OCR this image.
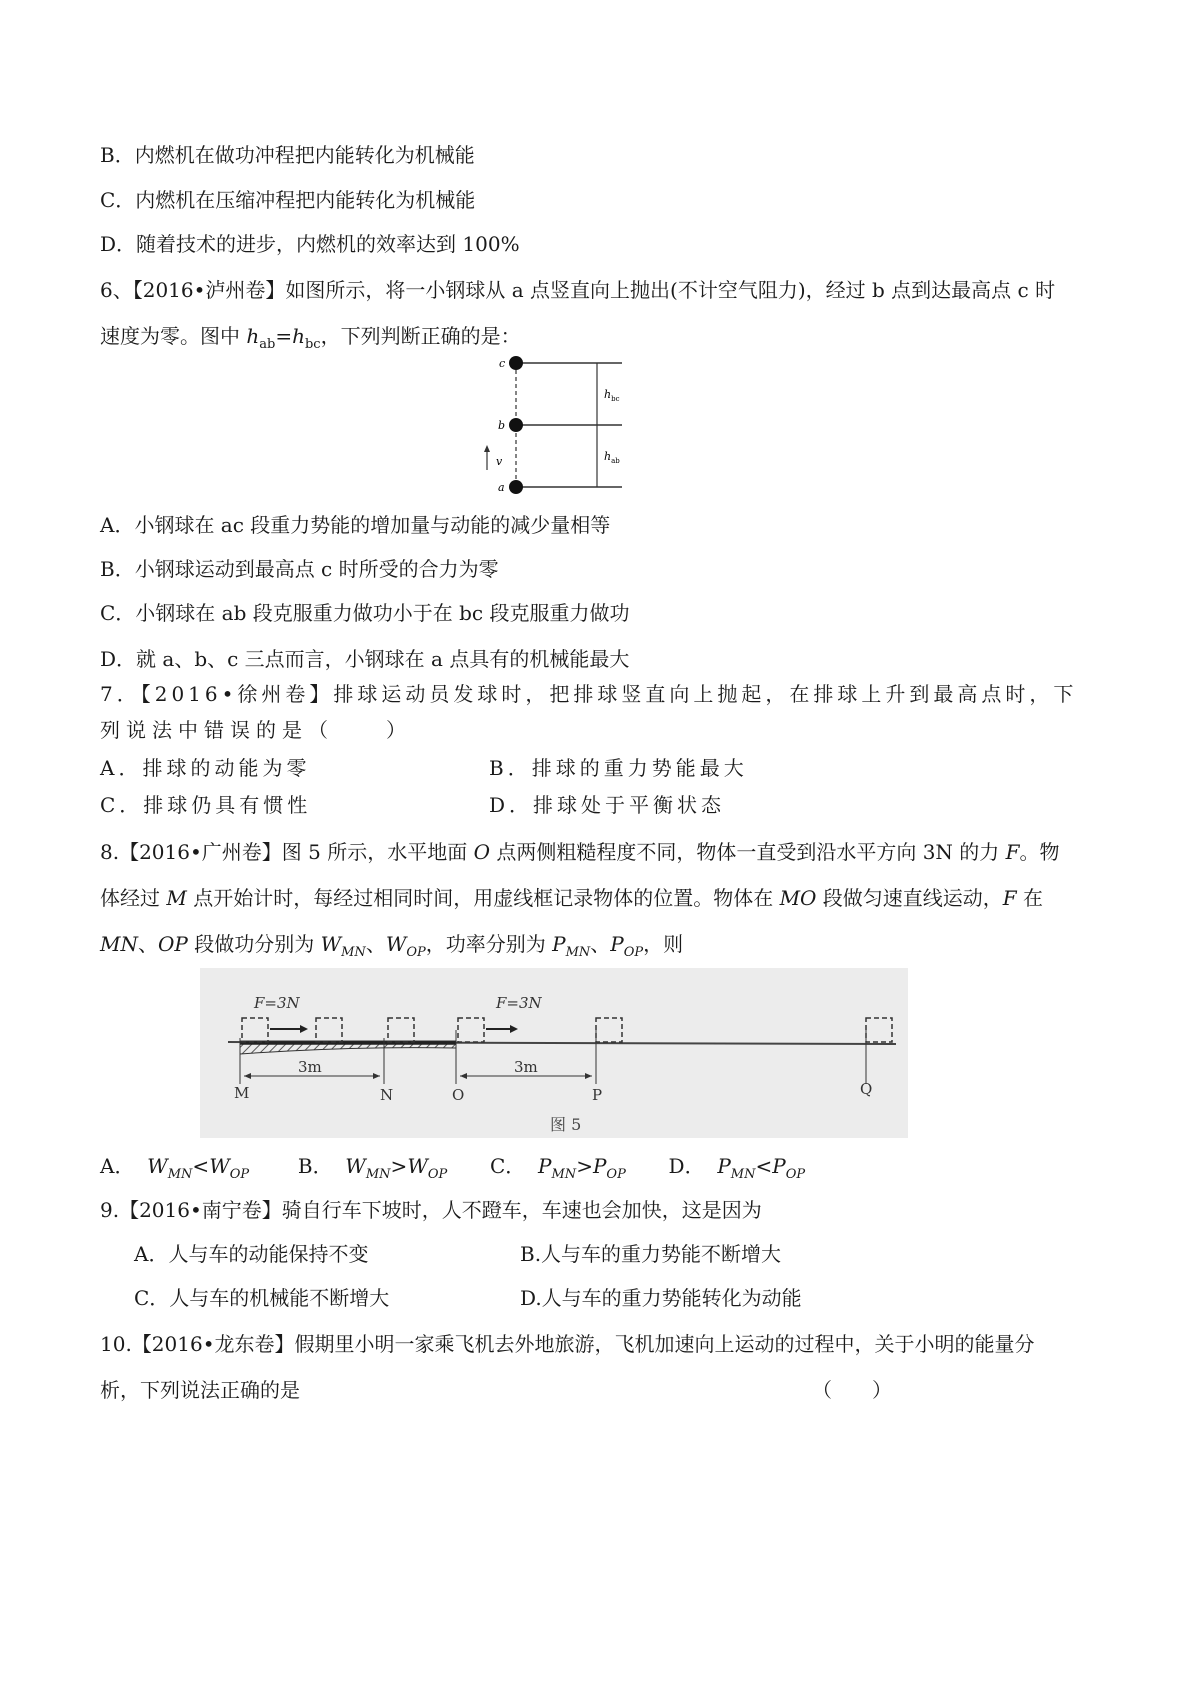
B．内燃机在做功冲程把内能转化为机械能
C．内燃机在压缩冲程把内能转化为机械能
D．随着技术的进步，内燃机的效率达到 100%
6、【2016•泸州卷】如图所示，将一小钢球从 a 点竖直向上抛出(不计空气阻力)，经过 b 点到达最高点 c 时
速度为零。图中 $h_{ab}=h_{bc}$，下列判断正确的是：
v
c
b
a
$h_{bc}$
$h_{ab}$
A．小钢球在 ac 段重力势能的增加量与动能的减少量相等
B．小钢球运动到最高点 c 时所受的合力为零
C．小钢球在 ab 段克服重力做功小于在 bc 段克服重力做功
D．就 a、b、c 三点而言，小钢球在 a 点具有的机械能最大
7．【2016•徐州卷】排球运动员发球时，把排球竖直向上抛起，在排球上升到最高点时，下
列说法中错误的是（　　）
A．排球的动能为零	B．排球的重力势能最大
C．排球仍具有惯性	D．排球处于平衡状态
8.【2016•广州卷】图 5 所示，水平地面 O 点两侧粗糙程度不同，物体一直受到沿水平方向 3N 的力 F。物
体经过 M 点开始计时，每经过相同时间，用虚线框记录物体的位置。物体在 MO 段做匀速直线运动，F 在
MN、OP 段做功分别为 $W_{MN}$、$W_{OP}$，功率分别为 $P_{MN}$、$P_{OP}$，则
F=3N	F=3N
3m	3m
M	N	O	P	Q
图 5
A． $W_{MN}<W_{OP}$ B． $W_{MN}>W_{OP}$ C． $P_{MN}>P_{OP}$ D． $P_{MN}<P_{OP}$
9.【2016•南宁卷】骑自行车下坡时，人不蹬车，车速也会加快，这是因为
A．人与车的动能保持不变	B.人与车的重力势能不断增大
C．人与车的机械能不断增大	D.人与车的重力势能转化为动能
10.【2016•龙东卷】假期里小明一家乘飞机去外地旅游，飞机加速向上运动的过程中，关于小明的能量分
析，下列说法正确的是	（　　）
